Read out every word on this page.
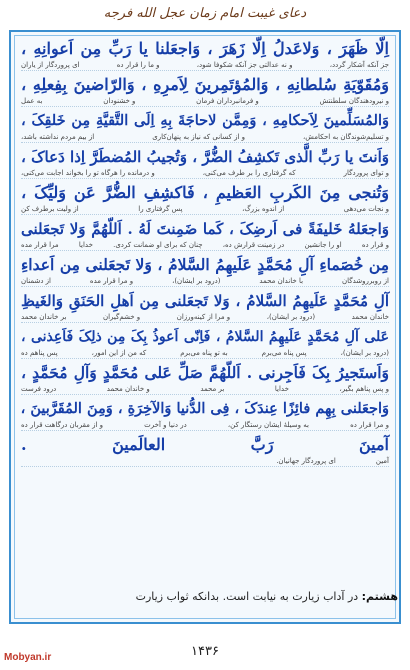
دعای غیبت امام زمان عجل الله فرجه
اِلّا ظَهَرَ ، وَلاعَدلُ اِلّا زَهَرَ ، وَاجعَلنا یا رَبِّ مِن اَعوانِهِ ،
جز آنکه آشکار گردد،
و نه عدالتی جز آنکه شکوفا شود،
و ما را قرار ده
ای پروردگار از یاران
وَمُقَوّیَةِ سُلطانِهِ ، وَالمُؤتَمِرینَ لِاَمرِهِ ، وَالرّاضینَ بِفِعلِهِ ،
و نیرودهندگان سلطنتش
و فرمانبرداران فرمان
و خشنودان
به عمل
وَالمُسَلِّمینَ لِاَحکامِهِ ، وَمِمَّن لاحاجَةَ بِهِ اِلَی التَّقیَّةِ مِن خَلقِکَ ،
و تسلیم‌شوندگان به احکامش،
و از کسانی که نیاز به پنهان‌کاری
از بیم مردم نداشته باشد،
وَاَنتَ یا رَبِّ الَّذی تَکشِفُ الضُّرَّ ، وَتُجیبُ المُضطَرَّ اِذا دَعاکَ ،
و توای پروردگار
که گرفتاری را بر طرف می‌کنی،
و درمانده را هرگاه تو را بخواند اجابت می‌کنی،
وَتُنجی مِنَ الکَربِ العَظیمِ ، فَاکشِفِ الضُّرَّ عَن وَلیِّکَ ،
و نجات می‌دهی
از اندوه بزرگ،
پس گرفتاری را
از ولیت برطرف کن
وَاجعَلهُ خَلیفَةً فی اَرضِکَ ، کَما ضَمِنتَ لَهُ . اَللّهُمَّ وَلا تَجعَلنی
و قرار ده
او را جانشین
در زمینت قرارش ده،
چنان که برای او ضمانت کردی.
خدایا
مرا قرار مده
مِن خُصَماءِ آلِ مُحَمَّدٍ عَلَیهِمُ السَّلامُ ، وَلا تَجعَلنی مِن اَعداءِ
از روبرروشدگان
با خاندان محمد
(درود بر ایشان)،
و مرا قرار مده
از دشمنان
آلِ مُحَمَّدٍ عَلَیهِمُ السَّلامُ ، وَلا تَجعَلنی مِن اَهلِ الحَنَقِ وَالغَیظِ
خاندان محمد
(درود بر ایشان)،
و مرا از کینه‌ورزان
و خشم‌گیران
بر خاندان محمد
عَلی آلِ مُحَمَّدٍ عَلَیهِمُ السَّلامُ ، فَاِنّی اَعوذُ بِکَ مِن ذلِکَ فَاَعِذنی ،
(درود بر ایشان)،
پس پناه می‌برم
به تو پناه می‌برم
که من از این امور،
پس پناهم ده
وَاَستَجیرُ بِکَ فَاَجِرنی . اَللّهُمَّ صَلِّ عَلی مُحَمَّدٍ وَآلِ مُحَمَّدٍ ،
و پس پناهم بگیر،
خدایا
بر محمد
و خاندان محمد
درود فرست
وَاجعَلنی بِهِم فائِزًا عِندَکَ ، فِی الدُّنیا وَالآخِرَةِ ، وَمِنَ المُقَرَّبینَ ،
و مرا قرار ده
به وسیلهٔ ایشان رستگار کن،
در دنیا و آخرت
و از مقربان درگاهت قرار ده
آمینَ رَبَّ العالَمینَ .
آمین
ای پروردگار جهانیان.
هشتم: در آداب زیارت به نیابت است. بدانکه ثواب زیارت
۱۴۳۶
Mobyan.ir
